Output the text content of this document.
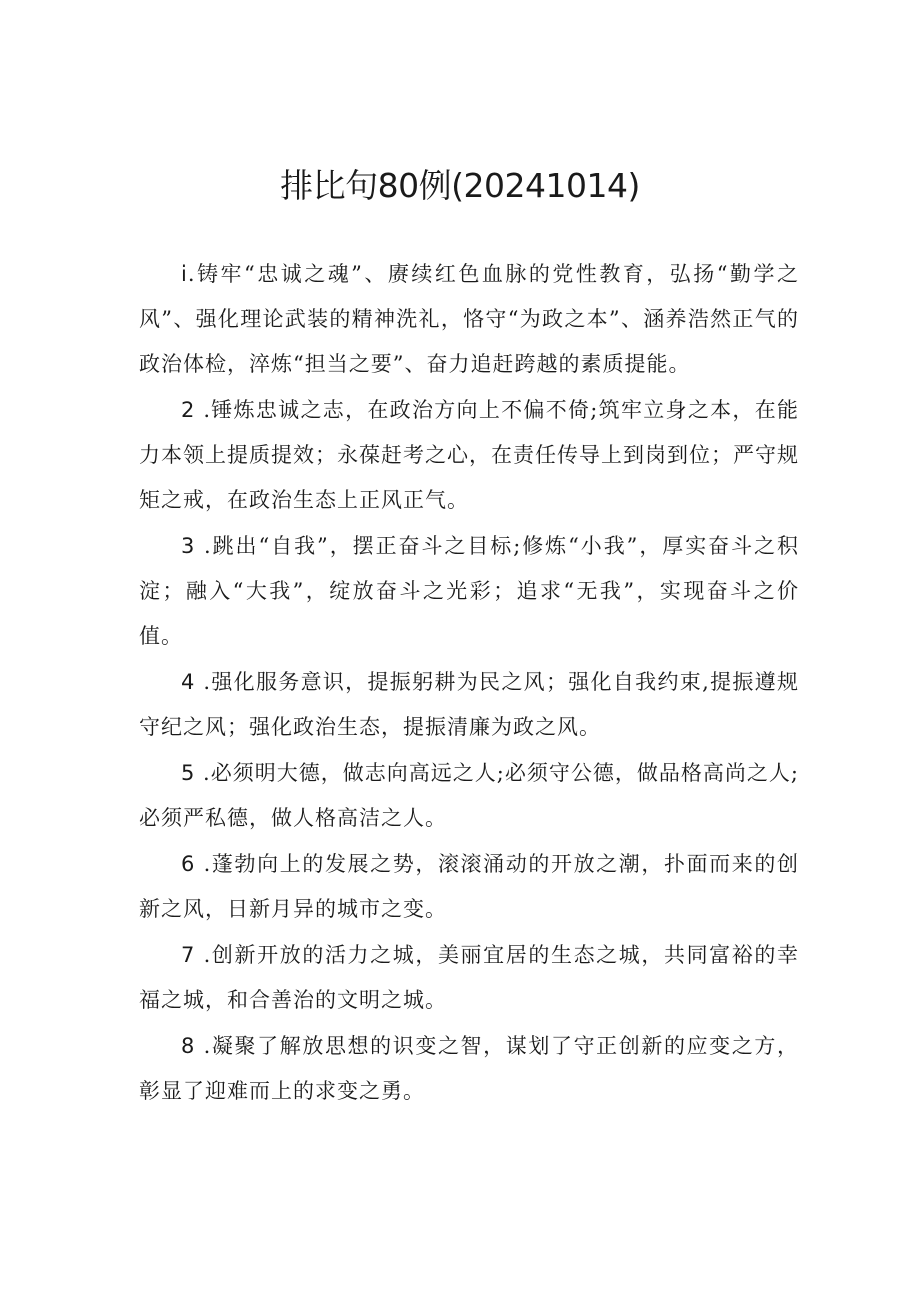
排比句80例(20241014)

i.铸牢“忠诚之魂”、赓续红色血脉的党性教育，弘扬“勤学之风”、强化理论武装的精神洗礼，恪守“为政之本”、涵养浩然正气的政治体检，淬炼“担当之要”、奋力追赶跨越的素质提能。

2 .锤炼忠诚之志，在政治方向上不偏不倚;筑牢立身之本，在能力本领上提质提效；永葆赶考之心，在责任传导上到岗到位；严守规矩之戒，在政治生态上正风正气。

3 .跳出“自我”，摆正奋斗之目标;修炼“小我”，厚实奋斗之积淀；融入“大我”，绽放奋斗之光彩；追求“无我”，实现奋斗之价值。

4 .强化服务意识，提振躬耕为民之风；强化自我约束,提振遵规守纪之风；强化政治生态，提振清廉为政之风。

5 .必须明大德，做志向高远之人;必须守公德，做品格高尚之人;必须严私德，做人格高洁之人。

6 .蓬勃向上的发展之势，滚滚涌动的开放之潮，扑面而来的创新之风，日新月异的城市之变。

7 .创新开放的活力之城，美丽宜居的生态之城，共同富裕的幸福之城，和合善治的文明之城。

8 .凝聚了解放思想的识变之智，谋划了守正创新的应变之方，彰显了迎难而上的求变之勇。
